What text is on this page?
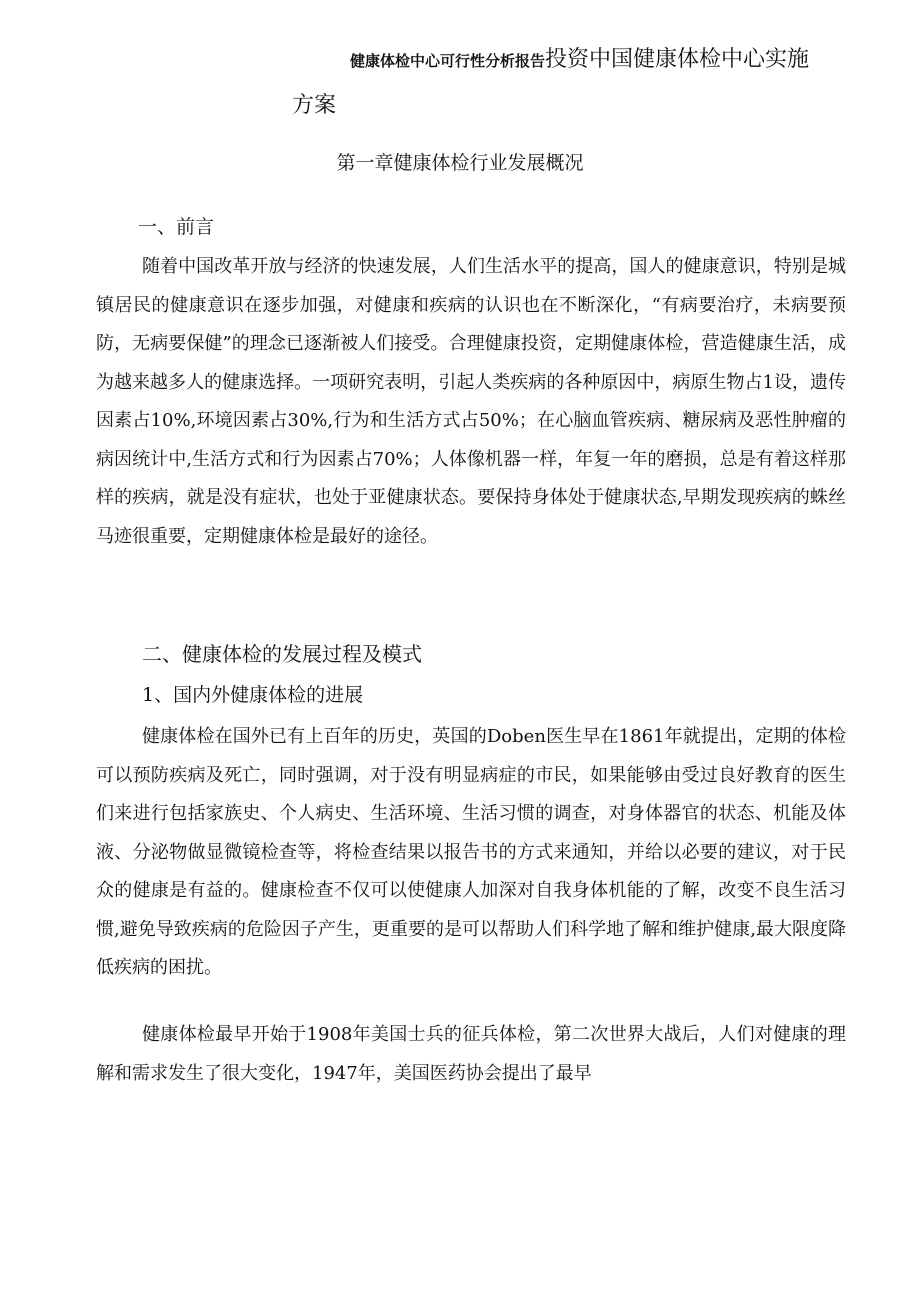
健康体检中心可行性分析报告投资中国健康体检中心实施
方案
第一章健康体检行业发展概况
一、前言
随着中国改革开放与经济的快速发展，人们生活水平的提高，国人的健康意识，特别是城镇居民的健康意识在逐步加强，对健康和疾病的认识也在不断深化，“有病要治疗，未病要预防，无病要保健”的理念已逐渐被人们接受。合理健康投资，定期健康体检，营造健康生活，成为越来越多人的健康选择。一项研究表明，引起人类疾病的各种原因中，病原生物占1设，遗传因素占10%,环境因素占30%,行为和生活方式占50%；在心脑血管疾病、糖尿病及恶性肿瘤的病因统计中,生活方式和行为因素占70%；人体像机器一样，年复一年的磨损，总是有着这样那样的疾病，就是没有症状，也处于亚健康状态。要保持身体处于健康状态,早期发现疾病的蛛丝马迹很重要，定期健康体检是最好的途径。
二、健康体检的发展过程及模式
1、国内外健康体检的进展
健康体检在国外已有上百年的历史，英国的Doben医生早在1861年就提出，定期的体检可以预防疾病及死亡，同时强调，对于没有明显病症的市民，如果能够由受过良好教育的医生们来进行包括家族史、个人病史、生活环境、生活习惯的调查，对身体器官的状态、机能及体液、分泌物做显微镜检查等，将检查结果以报告书的方式来通知，并给以必要的建议，对于民众的健康是有益的。健康检查不仅可以使健康人加深对自我身体机能的了解，改变不良生活习惯,避免导致疾病的危险因子产生，更重要的是可以帮助人们科学地了解和维护健康,最大限度降低疾病的困扰。
健康体检最早开始于1908年美国士兵的征兵体检，第二次世界大战后，人们对健康的理解和需求发生了很大变化，1947年，美国医药协会提出了最早
